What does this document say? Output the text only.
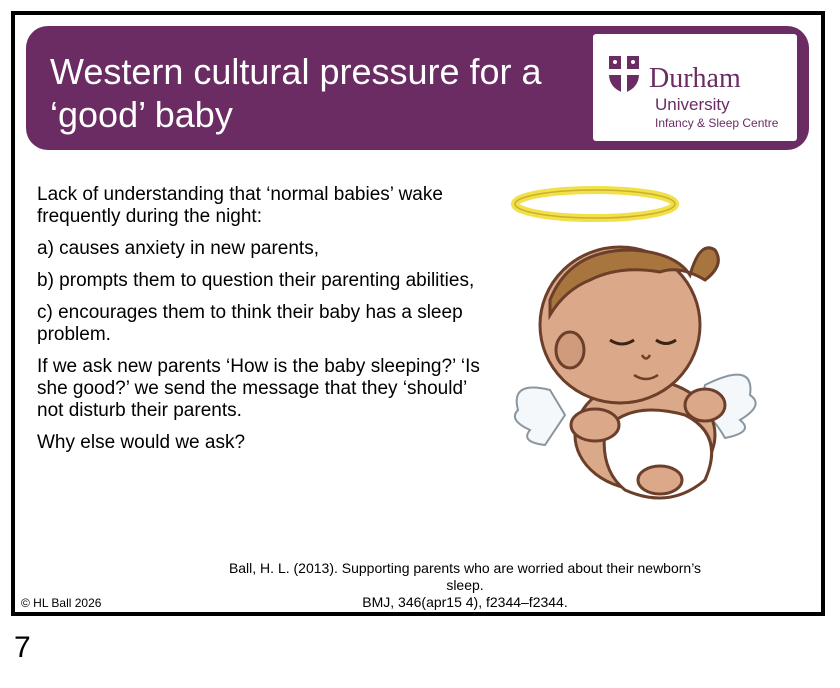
Western cultural pressure for a
‘good’ baby
Durham
University
Infancy & Sleep Centre

Lack of understanding that ‘normal babies’ wake frequently during the night:

a) causes anxiety in new parents,

b) prompts them to question their parenting abilities,

c) encourages them to think their baby has a sleep problem.

If we ask new parents ‘How is the baby sleeping?’ ‘Is she good?’ we send the message that they ‘should’ not disturb their parents.

Why else would we ask?

Ball, H. L. (2013). Supporting parents who are worried about their newborn’s sleep.
BMJ, 346(apr15 4), f2344–f2344.
© HL Ball 2026
7
